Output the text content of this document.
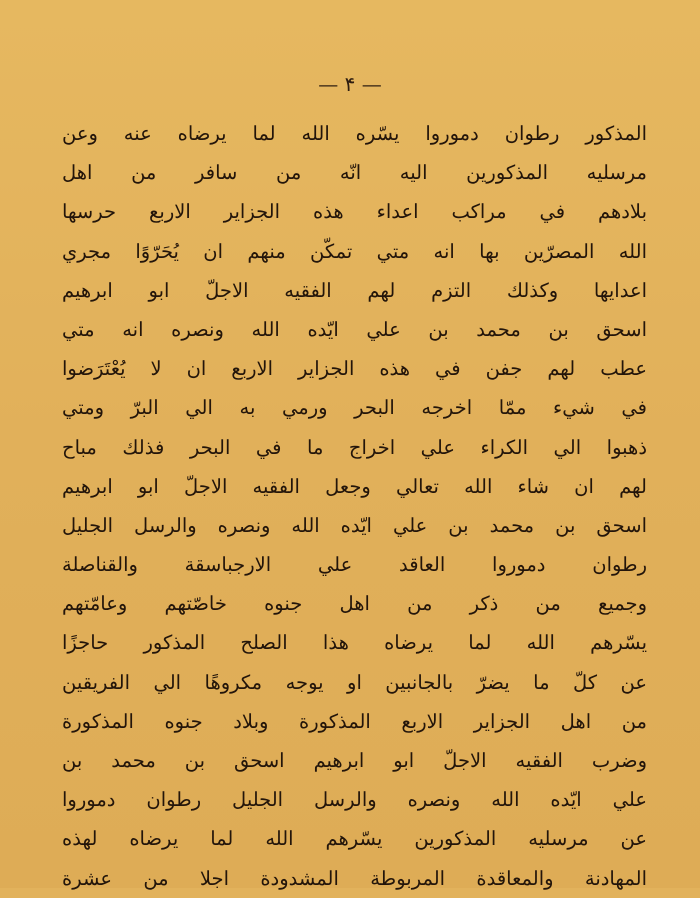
— ۴ —
المذكور رطوان دموروا يسّره الله لما يرضاه عنه وعن
مرسليه المذكورين اليه انّه من سافر من اهل
بلادهم في مراكب اعداء هذه الجزاير الاربع حرسها
الله المصرّين بها انه متي تمكّن منهم ان يُحَرّوًا مجري
اعدايها وكذلك التزم لهم الفقيه الاجلّ ابو ابرهيم
اسحق بن محمد بن علي ايّده الله ونصره انه متي
عطب لهم جفن في هذه الجزاير الاربع ان لا يُعْتَرَضوا
في شيء ممّا اخرجه البحر ورمي به الي البرّ ومتي
ذهبوا الي الكراء علي اخراج ما في البحر فذلك مباح
لهم ان شاء الله تعالي وجعل الفقيه الاجلّ ابو ابرهيم
اسحق بن محمد بن علي ايّده الله ونصره والرسل الجليل
رطوان دموروا العاقد علي الارجباسقة والقناصلة
وجميع من ذكر من اهل جنوه خاصّتهم وعامّتهم
يسّرهم الله لما يرضاه هذا الصلح المذكور حاجزًا
عن كلّ ما يضرّ بالجانبين او يوجه مكروهًا الي الفريقين
من اهل الجزاير الاربع المذكورة وبلاد جنوه المذكورة
وضرب الفقيه الاجلّ ابو ابرهيم اسحق بن محمد بن
علي ايّده الله ونصره والرسل الجليل رطوان دموروا
عن مرسليه المذكورين يسّرهم الله لما يرضاه لهذه
المهادنة والمعاقدة المربوطة المشدودة اجلا من عشرة
